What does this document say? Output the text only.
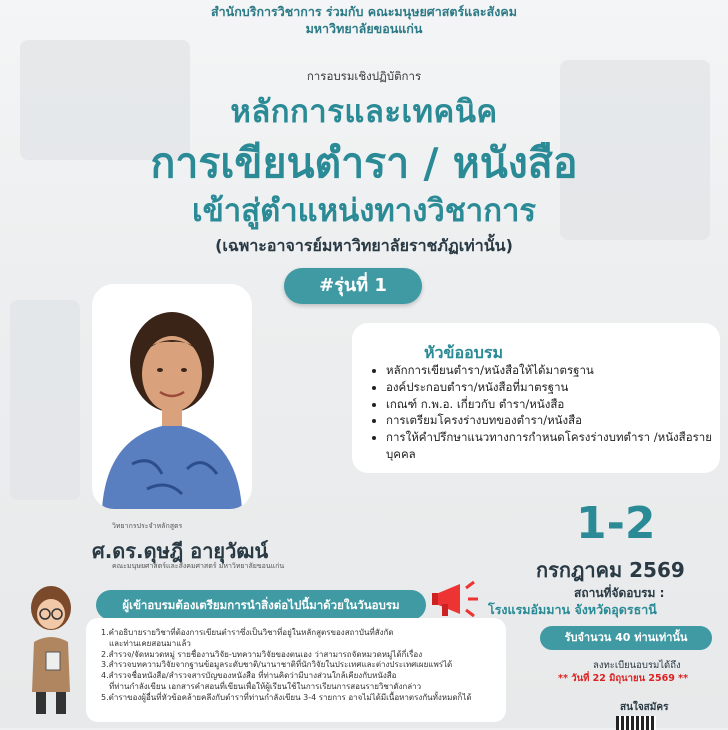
สำนักบริการวิชาการ ร่วมกับ คณะมนุษยศาสตร์และสังคม
มหาวิทยาลัยขอนแก่น
การอบรมเชิงปฏิบัติการ
หลักการและเทคนิค
การเขียนตำรา / หนังสือ
เข้าสู่ตำแหน่งทางวิชาการ
(เฉพาะอาจารย์มหาวิทยาลัยราชภัฏเท่านั้น)
#รุ่นที่ 1
หัวข้ออบรม
• หลักการเขียนตำรา/หนังสือให้ได้มาตรฐาน
• องค์ประกอบตำรา/หนังสือที่มาตรฐาน
• เกณฑ์ ก.พ.อ. เกี่ยวกับ ตำรา/หนังสือ
• การเตรียมโครงร่างบทของตำรา/หนังสือ
• การให้คำปรึกษาแนวทางการกำหนดโครงร่างบทตำรา /หนังสือรายบุคคล
วิทยากรประจำหลักสูตร
ศ.ดร.ดุษฎี อายุวัฒน์
คณะมนุษยศาสตร์และสังคมศาสตร์ มหาวิทยาลัยขอนแก่น
1-2
กรกฎาคม 2569
สถานที่จัดอบรม :
โรงแรมอัมมาน จังหวัดอุดรธานี
รับจำนวน 40 ท่านเท่านั้น
ลงทะเบียนอบรมได้ถึง
** วันที่ 22 มิถุนายน 2569 **
ผู้เข้าอบรมต้องเตรียมการนำสิ่งต่อไปนี้มาด้วยในวันอบรม
1.คำอธิบายรายวิชาที่ต้องการเขียนตำราซึ่งเป็นวิชาที่อยู่ในหลักสูตรของสถาบันที่สังกัด
และท่านเคยสอนมาแล้ว
2.สำรวจ/จัดหมวดหมู่ รายชื่องานวิจัย-บทความวิจัยของตนเอง ว่าสามารถจัดหมวดหมู่ได้กี่เรื่อง
3.สำรวจบทความวิจัยจากฐานข้อมูลระดับชาติ/นานาชาติที่นักวิจัยในประเทศและต่างประเทศเผยแพร่ได้
4.สำรวจชื่อหนังสือ/สำรวจสารบัญของหนังสือ ที่ท่านคิดว่ามีบางส่วนใกล้เคียงกับหนังสือ
ที่ท่านกำลังเขียน เอกสารคำสอนที่เขียนเพื่อให้ผู้เรียนใช้ในการเรียนการสอนรายวิชาดังกล่าว
5.ตำราของผู้อื่นที่หัวข้อคล้ายคลึงกับตำราที่ท่านกำลังเขียน 3-4 รายการ อาจไม่ได้มีเนื้อหาตรงกันทั้งหมดก็ได้
สนใจสมัคร
